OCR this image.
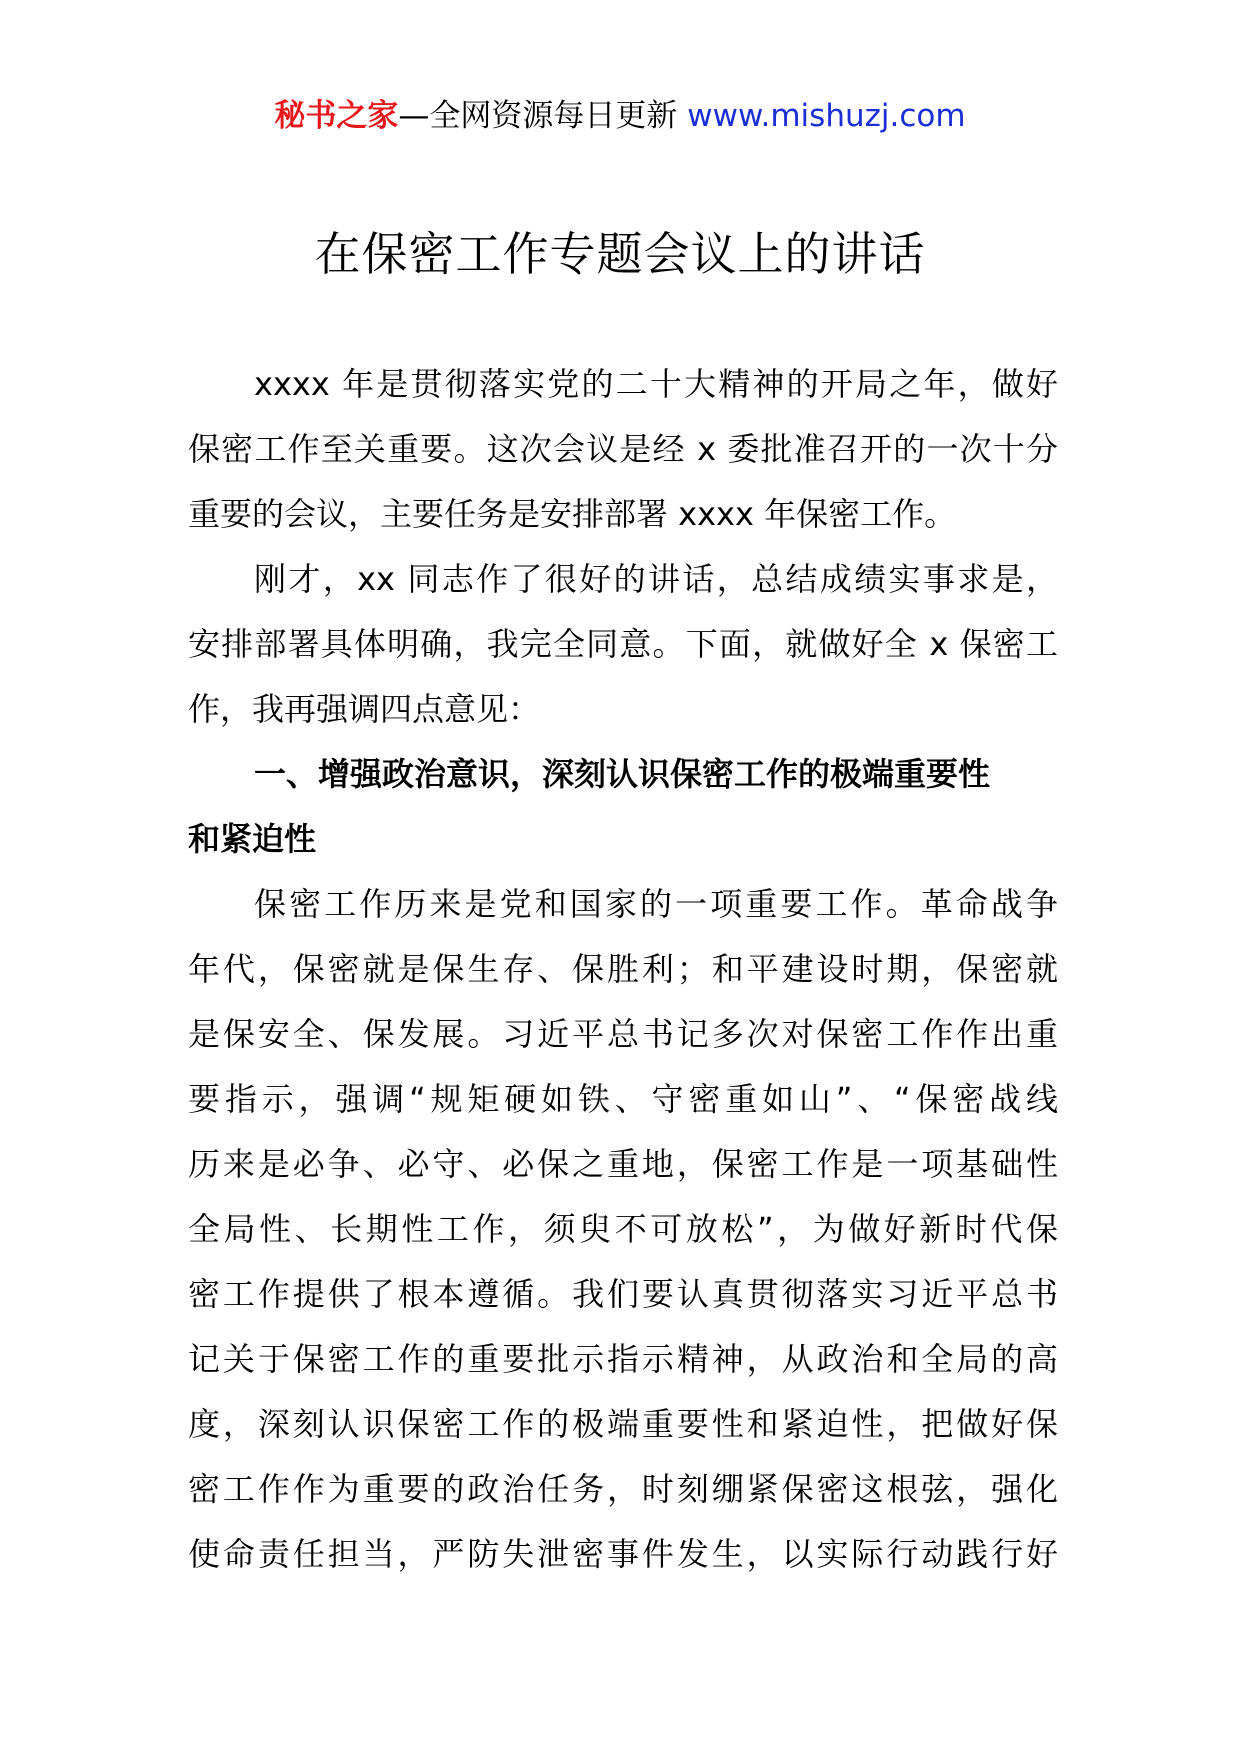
秘书之家—全网资源每日更新 www.mishuzj.com
在保密工作专题会议上的讲话
xxxx 年是贯彻落实党的二十大精神的开局之年，做好
保密工作至关重要。这次会议是经 x 委批准召开的一次十分
重要的会议，主要任务是安排部署 xxxx 年保密工作。
刚才，xx 同志作了很好的讲话，总结成绩实事求是，
安排部署具体明确，我完全同意。下面，就做好全 x 保密工
作，我再强调四点意见：
一、增强政治意识，深刻认识保密工作的极端重要性
和紧迫性
保密工作历来是党和国家的一项重要工作。革命战争
年代，保密就是保生存、保胜利；和平建设时期，保密就
是保安全、保发展。习近平总书记多次对保密工作作出重
要指示，强调“规矩硬如铁、守密重如山”、“保密战线
历来是必争、必守、必保之重地，保密工作是一项基础性
全局性、长期性工作，须臾不可放松”，为做好新时代保
密工作提供了根本遵循。我们要认真贯彻落实习近平总书
记关于保密工作的重要批示指示精神，从政治和全局的高
度，深刻认识保密工作的极端重要性和紧迫性，把做好保
密工作作为重要的政治任务，时刻绷紧保密这根弦，强化
使命责任担当，严防失泄密事件发生，以实际行动践行好
